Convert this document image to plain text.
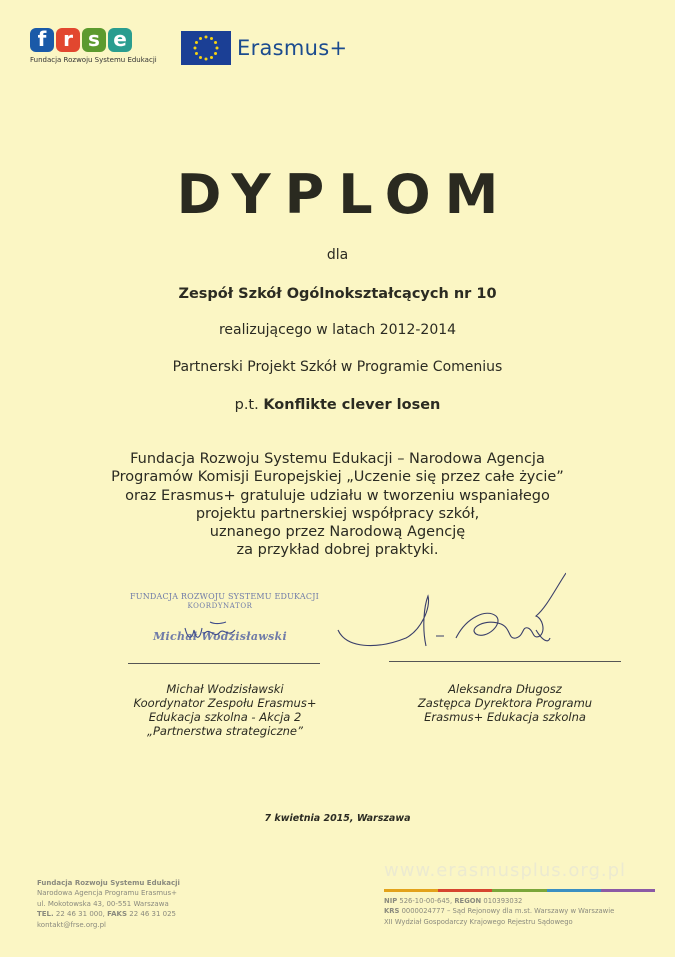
f r s e
Fundacja Rozwoju Systemu Edukacji	Erasmus+
DYPLOM
dla
Zespół Szkół Ogólnokształcących nr 10
realizującego w latach 2012-2014
Partnerski Projekt Szkół w Programie Comenius
p.t. Konflikte clever losen
Fundacja Rozwoju Systemu Edukacji – Narodowa Agencja
Programów Komisji Europejskiej „Uczenie się przez całe życie”
oraz Erasmus+ gratuluje udziału w tworzeniu wspaniałego
projektu partnerskiej współpracy szkół,
uznanego przez Narodową Agencję
za przykład dobrej praktyki.
FUNDACJA ROZWOJU SYSTEMU EDUKACJI
KOORDYNATOR
Michał Wodzisławski
Michał Wodzisławski
Koordynator Zespołu Erasmus+
Edukacja szkolna - Akcja 2
„Partnerstwa strategiczne”
Aleksandra Długosz
Zastępca Dyrektora Programu
Erasmus+ Edukacja szkolna
7 kwietnia 2015, Warszawa
Fundacja Rozwoju Systemu Edukacji
Narodowa Agencja Programu Erasmus+
ul. Mokotowska 43, 00-551 Warszawa
TEL. 22 46 31 000, FAKS 22 46 31 025
kontakt@frse.org.pl
www.erasmusplus.org.pl
NIP 526-10-00-645, REGON 010393032
KRS 0000024777 – Sąd Rejonowy dla m.st. Warszawy w Warszawie
XII Wydział Gospodarczy Krajowego Rejestru Sądowego
